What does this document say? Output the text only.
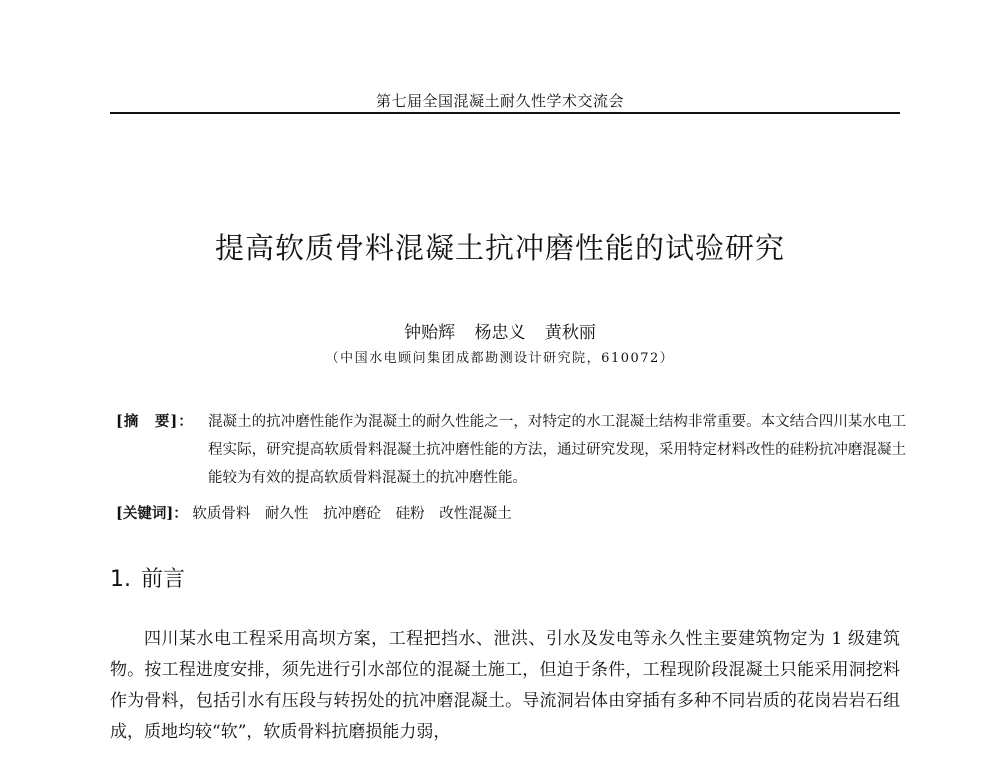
第七届全国混凝土耐久性学术交流会
提高软质骨料混凝土抗冲磨性能的试验研究
钟贻辉 杨忠义 黄秋丽
（中国水电顾问集团成都勘测设计研究院，610072）
[摘　要]： 混凝土的抗冲磨性能作为混凝土的耐久性能之一，对特定的水工混凝土结构非常重要。本文结合四川某水电工程实际，研究提高软质骨料混凝土抗冲磨性能的方法，通过研究发现，采用特定材料改性的硅粉抗冲磨混凝土能较为有效的提高软质骨料混凝土的抗冲磨性能。
[关键词]： 软质骨料 耐久性 抗冲磨砼 硅粉 改性混凝土
1. 前言
四川某水电工程采用高坝方案，工程把挡水、泄洪、引水及发电等永久性主要建筑物定为 1 级建筑物。按工程进度安排，须先进行引水部位的混凝土施工，但迫于条件，工程现阶段混凝土只能采用洞挖料作为骨料，包括引水有压段与转拐处的抗冲磨混凝土。导流洞岩体由穿插有多种不同岩质的花岗岩岩石组成，质地均较“软”，软质骨料抗磨损能力弱，
